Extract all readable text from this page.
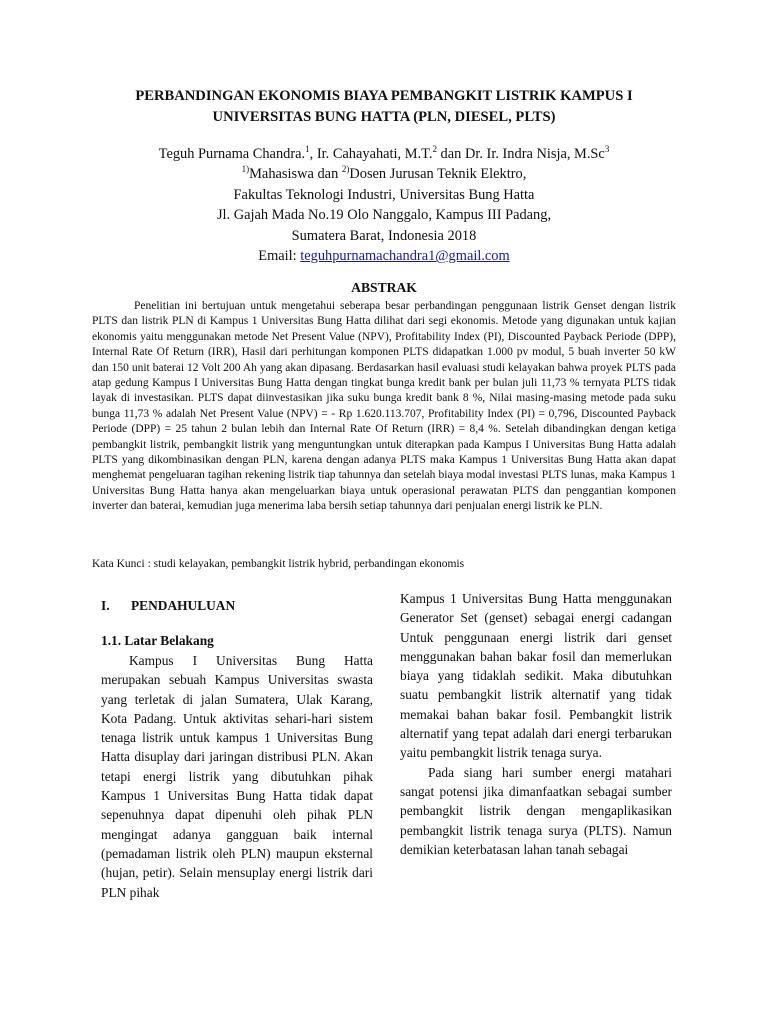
PERBANDINGAN EKONOMIS BIAYA PEMBANGKIT LISTRIK KAMPUS I
UNIVERSITAS BUNG HATTA (PLN, DIESEL, PLTS)
Teguh Purnama Chandra.$^1$, Ir. Cahayahati, M.T.$^2$ dan Dr. Ir. Indra Nisja, M.Sc$^3$
$^{1)}$Mahasiswa dan $^{2)}$Dosen Jurusan Teknik Elektro,
Fakultas Teknologi Industri, Universitas Bung Hatta
Jl. Gajah Mada No.19 Olo Nanggalo, Kampus III Padang,
Sumatera Barat, Indonesia 2018
Email: teguhpurnamachandra1@gmail.com
ABSTRAK

Penelitian ini bertujuan untuk mengetahui seberapa besar perbandingan penggunaan listrik Genset dengan listrik PLTS dan listrik PLN di Kampus 1 Universitas Bung Hatta dilihat dari segi ekonomis. Metode yang digunakan untuk kajian ekonomis yaitu menggunakan metode Net Present Value (NPV), Profitability Index (PI), Discounted Payback Periode (DPP), Internal Rate Of Return (IRR), Hasil dari perhitungan komponen PLTS didapatkan 1.000 pv modul, 5 buah inverter 50 kW dan 150 unit baterai 12 Volt 200 Ah yang akan dipasang. Berdasarkan hasil evaluasi studi kelayakan bahwa proyek PLTS pada atap gedung Kampus I Universitas Bung Hatta dengan tingkat bunga kredit bank per bulan juli 11,73 % ternyata PLTS tidak layak di investasikan. PLTS dapat diinvestasikan jika suku bunga kredit bank 8 %, Nilai masing-masing metode pada suku bunga 11,73 % adalah Net Present Value (NPV) = - Rp 1.620.113.707, Profitability Index (PI) = 0,796, Discounted Payback Periode (DPP) = 25 tahun 2 bulan lebih dan Internal Rate Of Return (IRR) = 8,4 %. Setelah dibandingkan dengan ketiga pembangkit listrik, pembangkit listrik yang menguntungkan untuk diterapkan pada Kampus I Universitas Bung Hatta adalah PLTS yang dikombinasikan dengan PLN, karena dengan adanya PLTS maka Kampus 1 Universitas Bung Hatta akan dapat menghemat pengeluaran tagihan rekening listrik tiap tahunnya dan setelah biaya modal investasi PLTS lunas, maka Kampus 1 Universitas Bung Hatta hanya akan mengeluarkan biaya untuk operasional perawatan PLTS dan penggantian komponen inverter dan baterai, kemudian juga menerima laba bersih setiap tahunnya dari penjualan energi listrik ke PLN.

Kata Kunci : studi kelayakan, pembangkit listrik hybrid, perbandingan ekonomis
I. PENDAHULUAN
1.1. Latar Belakang

Kampus I Universitas Bung Hatta merupakan sebuah Kampus Universitas swasta yang terletak di jalan Sumatera, Ulak Karang, Kota Padang. Untuk aktivitas sehari-hari sistem tenaga listrik untuk kampus 1 Universitas Bung Hatta disuplay dari jaringan distribusi PLN. Akan tetapi energi listrik yang dibutuhkan pihak Kampus 1 Universitas Bung Hatta tidak dapat sepenuhnya dapat dipenuhi oleh pihak PLN mengingat adanya gangguan baik internal (pemadaman listrik oleh PLN) maupun eksternal (hujan, petir). Selain mensuplay energi listrik dari PLN pihak

Kampus 1 Universitas Bung Hatta menggunakan Generator Set (genset) sebagai energi cadangan Untuk penggunaan energi listrik dari genset menggunakan bahan bakar fosil dan memerlukan biaya yang tidaklah sedikit. Maka dibutuhkan suatu pembangkit listrik alternatif yang tidak memakai bahan bakar fosil. Pembangkit listrik alternatif yang tepat adalah dari energi terbarukan yaitu pembangkit listrik tenaga surya.

Pada siang hari sumber energi matahari sangat potensi jika dimanfaatkan sebagai sumber pembangkit listrik dengan mengaplikasikan pembangkit listrik tenaga surya (PLTS). Namun demikian keterbatasan lahan tanah sebagai
